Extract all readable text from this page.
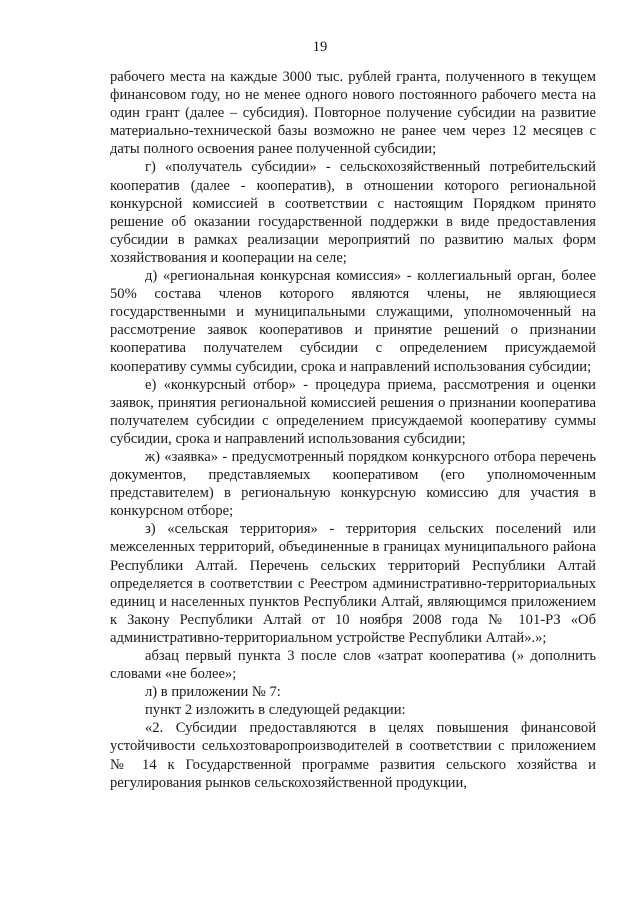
19

рабочего места на каждые 3000 тыс. рублей гранта, полученного в текущем финансовом году, но не менее одного нового постоянного рабочего места на один грант (далее – субсидия). Повторное получение субсидии на развитие материально-технической базы возможно не ранее чем через 12 месяцев с даты полного освоения ранее полученной субсидии;

г) «получатель субсидии» - сельскохозяйственный потребительский кооператив (далее - кооператив), в отношении которого региональной конкурсной комиссией в соответствии с настоящим Порядком принято решение об оказании государственной поддержки в виде предоставления субсидии в рамках реализации мероприятий по развитию малых форм хозяйствования и кооперации на селе;

д) «региональная конкурсная комиссия» - коллегиальный орган, более 50% состава членов которого являются члены, не являющиеся государственными и муниципальными служащими, уполномоченный на рассмотрение заявок кооперативов и принятие решений о признании кооператива получателем субсидии с определением присуждаемой кооперативу суммы субсидии, срока и направлений использования субсидии;

е) «конкурсный отбор» - процедура приема, рассмотрения и оценки заявок, принятия региональной комиссией решения о признании кооператива получателем субсидии с определением присуждаемой кооперативу суммы субсидии, срока и направлений использования субсидии;

ж) «заявка» - предусмотренный порядком конкурсного отбора перечень документов, представляемых кооперативом (его уполномоченным представителем) в региональную конкурсную комиссию для участия в конкурсном отборе;

з) «сельская территория» - территория сельских поселений или межселенных территорий, объединенные в границах муниципального района Республики Алтай. Перечень сельских территорий Республики Алтай определяется в соответствии с Реестром административно-территориальных единиц и населенных пунктов Республики Алтай, являющимся приложением к Закону Республики Алтай от 10 ноября 2008 года № 101-РЗ «Об административно-территориальном устройстве Республики Алтай».»;

абзац первый пункта 3 после слов «затрат кооператива (» дополнить словами «не более»;

л) в приложении № 7:

пункт 2 изложить в следующей редакции:

«2. Субсидии предоставляются в целях повышения финансовой устойчивости сельхозтоваропроизводителей в соответствии с приложением № 14 к Государственной программе развития сельского хозяйства и регулирования рынков сельскохозяйственной продукции,
